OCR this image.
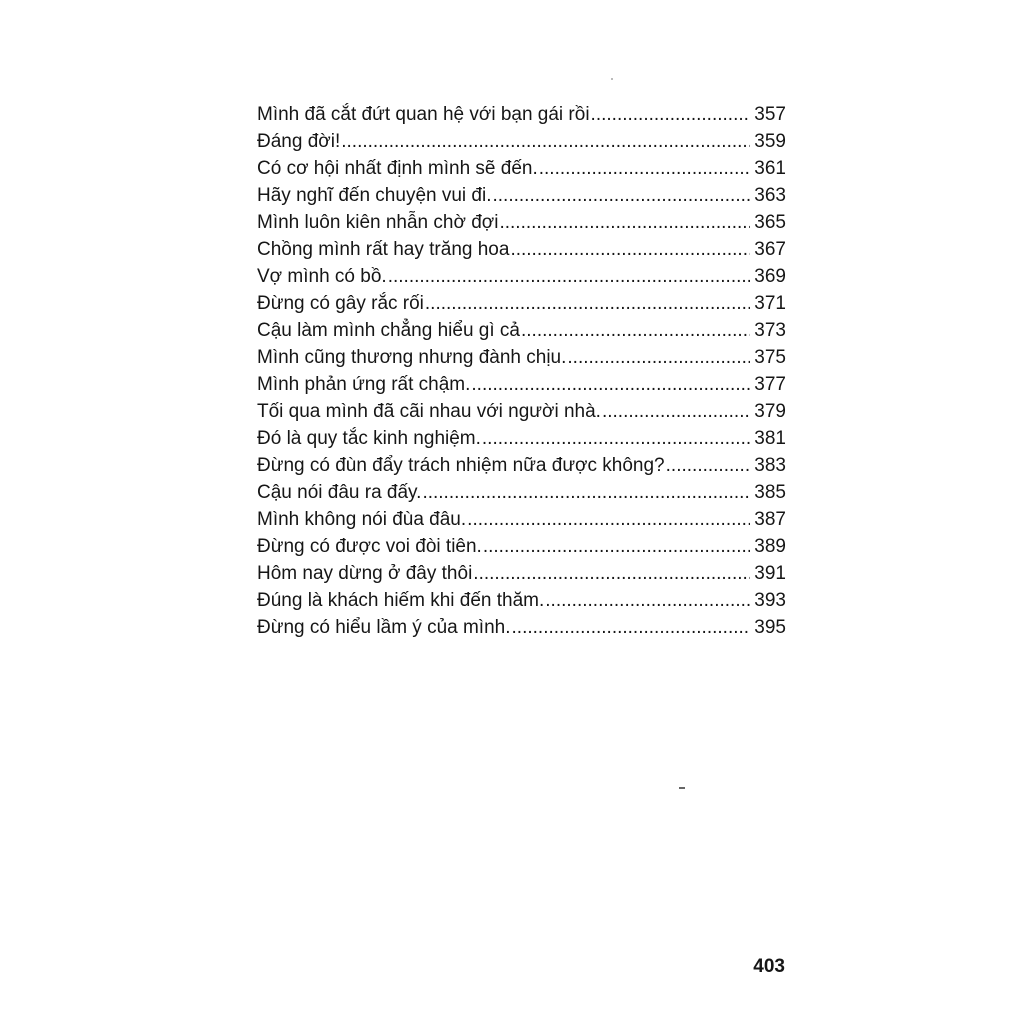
Mình đã cắt đứt quan hệ với bạn gái rồi .....	357
Đáng đời! .....	359
Có cơ hội nhất định mình sẽ đến. .....	361
Hãy nghĩ đến chuyện vui đi. .....	363
Mình luôn kiên nhẫn chờ đợi .....	365
Chồng mình rất hay trăng hoa .....	367
Vợ mình có bồ. .....	369
Đừng có gây rắc rối .....	371
Cậu làm mình chẳng hiểu gì cả .....	373
Mình cũng thương nhưng đành chịu. .....	375
Mình phản ứng rất chậm. .....	377
Tối qua mình đã cãi nhau với người nhà. .....	379
Đó là quy tắc kinh nghiệm. .....	381
Đừng có đùn đẩy trách nhiệm nữa được không? .....	383
Cậu nói đâu ra đấy. .....	385
Mình không nói đùa đâu. .....	387
Đừng có được voi đòi tiên. .....	389
Hôm nay dừng ở đây thôi .....	391
Đúng là khách hiếm khi đến thăm. .....	393
Đừng có hiểu lầm ý của mình. .....	395
403
